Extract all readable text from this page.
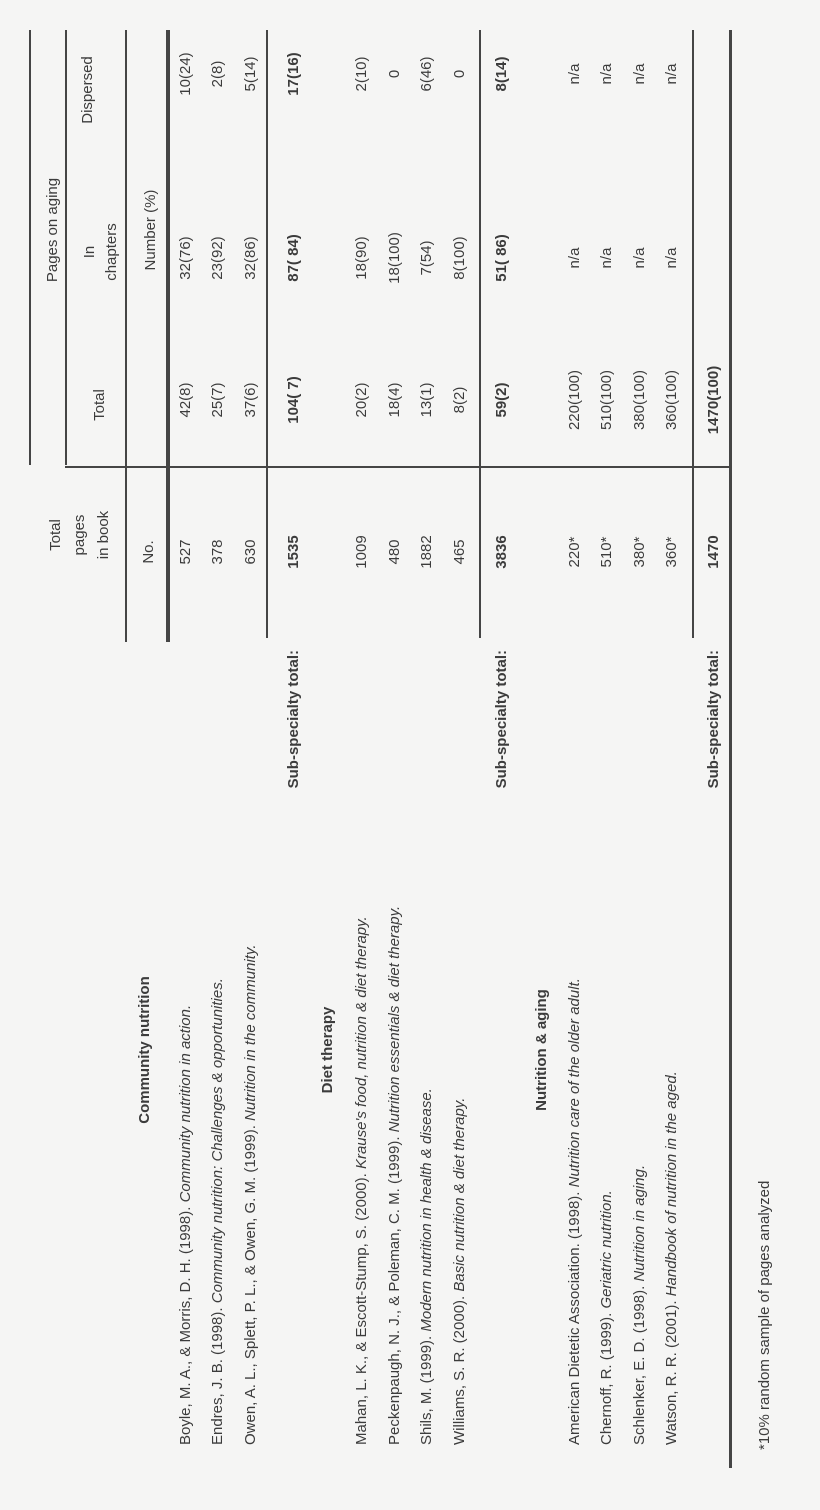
Pages on aging
Total pages in book
Total
In chapters
Dispersed
No.
Number (%)
Community nutrition
Boyle, M. A., & Morris, D. H. (1998). Community nutrition in action.
527
42(8)
32(76)
10(24)
Endres, J. B. (1998). Community nutrition: Challenges & opportunities.
378
25(7)
23(92)
2(8)
Owen, A. L., Splett, P. L., & Owen, G. M. (1999). Nutrition in the community.
630
37(6)
32(86)
5(14)
Sub-specialty total:
1535
104( 7)
87( 84)
17(16)
Diet therapy
Mahan, L. K., & Escott-Stump, S. (2000). Krause's food, nutrition & diet therapy.
1009
20(2)
18(90)
2(10)
Peckenpaugh, N. J., & Poleman, C. M. (1999). Nutrition essentials & diet therapy.
480
18(4)
18(100)
0
Shils, M. (1999). Modern nutrition in health & disease.
1882
13(1)
7(54)
6(46)
Williams, S. R. (2000). Basic nutrition & diet therapy.
465
8(2)
8(100)
0
Sub-specialty total:
3836
59(2)
51( 86)
8(14)
Nutrition & aging
American Dietetic Association. (1998). Nutrition care of the older adult.
220*
220(100)
n/a
n/a
Chernoff, R. (1999). Geriatric nutrition.
510*
510(100)
n/a
n/a
Schlenker, E. D. (1998). Nutrition in aging.
380*
380(100)
n/a
n/a
Watson, R. R. (2001). Handbook of nutrition in the aged.
360*
360(100)
n/a
n/a
Sub-specialty total:
1470
1470(100)
*10% random sample of pages analyzed
